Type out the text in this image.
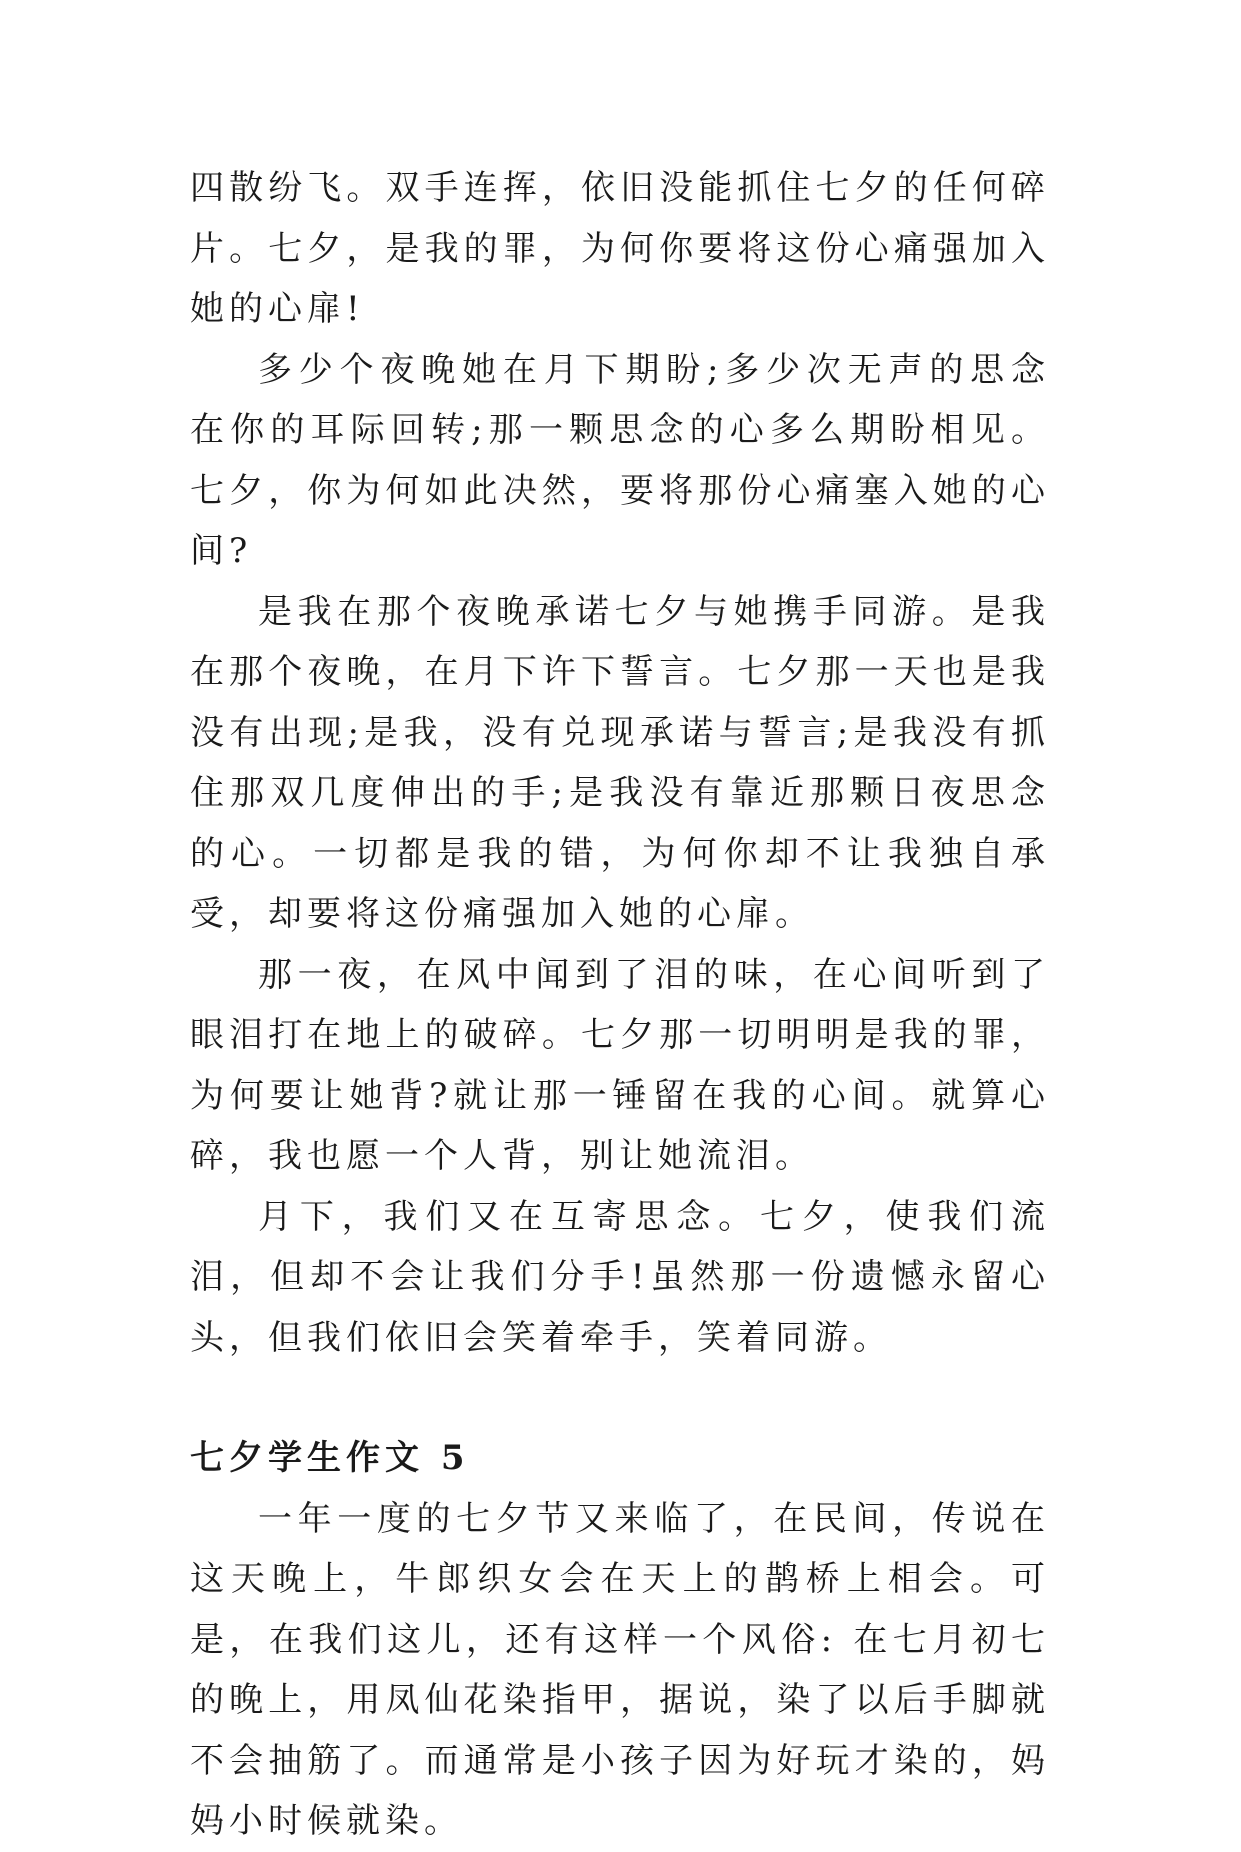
四散纷飞。双手连挥，依旧没能抓住七夕的任何碎片。七夕，是我的罪，为何你要将这份心痛强加入她的心扉!

多少个夜晚她在月下期盼;多少次无声的思念在你的耳际回转;那一颗思念的心多么期盼相见。七夕，你为何如此决然，要将那份心痛塞入她的心间?

是我在那个夜晚承诺七夕与她携手同游。是我在那个夜晚，在月下许下誓言。七夕那一天也是我没有出现;是我，没有兑现承诺与誓言;是我没有抓住那双几度伸出的手;是我没有靠近那颗日夜思念的心。一切都是我的错，为何你却不让我独自承受，却要将这份痛强加入她的心扉。

那一夜，在风中闻到了泪的味，在心间听到了眼泪打在地上的破碎。七夕那一切明明是我的罪，为何要让她背?就让那一锤留在我的心间。就算心碎，我也愿一个人背，别让她流泪。

月下，我们又在互寄思念。七夕，使我们流泪，但却不会让我们分手!虽然那一份遗憾永留心头，但我们依旧会笑着牵手，笑着同游。

七夕学生作文 5

一年一度的七夕节又来临了，在民间，传说在这天晚上，牛郎织女会在天上的鹊桥上相会。可是，在我们这儿，还有这样一个风俗: 在七月初七的晚上，用凤仙花染指甲，据说，染了以后手脚就不会抽筋了。而通常是小孩子因为好玩才染的，妈妈小时候就染。
